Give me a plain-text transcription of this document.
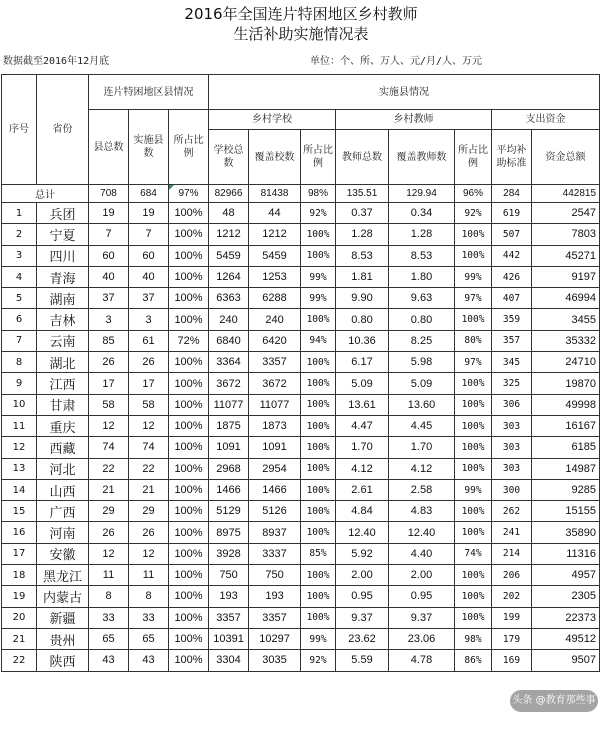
2016年全国连片特困地区乡村教师
生活补助实施情况表
数据截至2016年12月底	单位：个、所、万人、元/月/人、万元
序号	省份	连片特困地区县情况			实施县情况							
		县总数	实施县数	所占比例	乡村学校			乡村教师			支出资金	
					学校总数	覆盖校数	所占比例	教师总数	覆盖教师数	所占比例	平均补助标准	资金总额
总计		708	684	97%	82966	81438	98%	135.51	129.94	96%	284	442815
1	兵团	19	19	100%	48	44	92%	0.37	0.34	92%	619	2547
2	宁夏	7	7	100%	1212	1212	100%	1.28	1.28	100%	507	7803
3	四川	60	60	100%	5459	5459	100%	8.53	8.53	100%	442	45271
4	青海	40	40	100%	1264	1253	99%	1.81	1.80	99%	426	9197
5	湖南	37	37	100%	6363	6288	99%	9.90	9.63	97%	407	46994
6	吉林	3	3	100%	240	240	100%	0.80	0.80	100%	359	3455
7	云南	85	61	72%	6840	6420	94%	10.36	8.25	80%	357	35332
8	湖北	26	26	100%	3364	3357	100%	6.17	5.98	97%	345	24710
9	江西	17	17	100%	3672	3672	100%	5.09	5.09	100%	325	19870
10	甘肃	58	58	100%	11077	11077	100%	13.61	13.60	100%	306	49998
11	重庆	12	12	100%	1875	1873	100%	4.47	4.45	100%	303	16167
12	西藏	74	74	100%	1091	1091	100%	1.70	1.70	100%	303	6185
13	河北	22	22	100%	2968	2954	100%	4.12	4.12	100%	303	14987
14	山西	21	21	100%	1466	1466	100%	2.61	2.58	99%	300	9285
15	广西	29	29	100%	5129	5126	100%	4.84	4.83	100%	262	15155
16	河南	26	26	100%	8975	8937	100%	12.40	12.40	100%	241	35890
17	安徽	12	12	100%	3928	3337	85%	5.92	4.40	74%	214	11316
18	黑龙江	11	11	100%	750	750	100%	2.00	2.00	100%	206	4957
19	内蒙古	8	8	100%	193	193	100%	0.95	0.95	100%	202	2305
20	新疆	33	33	100%	3357	3357	100%	9.37	9.37	100%	199	22373
21	贵州	65	65	100%	10391	10297	99%	23.62	23.06	98%	179	49512
22	陕西	43	43	100%	3304	3035	92%	5.59	4.78	86%	169	9507
头条 @教育那些事
